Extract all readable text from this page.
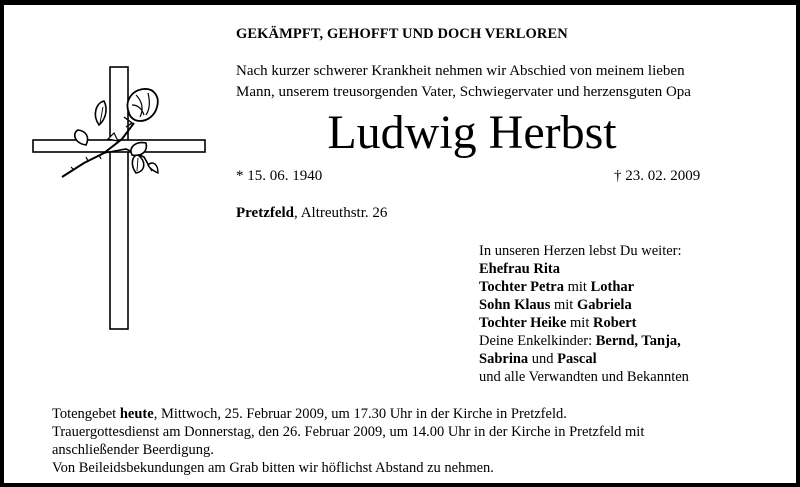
GEKÄMPFT, GEHOFFT UND DOCH VERLOREN
Nach kurzer schwerer Krankheit nehmen wir Abschied von meinem lieben
Mann, unserem treusorgenden Vater, Schwiegervater und herzensguten Opa
Ludwig Herbst
* 15. 06. 1940	† 23. 02. 2009
Pretzfeld, Altreuthstr. 26
In unseren Herzen lebst Du weiter:
Ehefrau Rita
Tochter Petra mit Lothar
Sohn Klaus mit Gabriela
Tochter Heike mit Robert
Deine Enkelkinder: Bernd, Tanja,
Sabrina und Pascal
und alle Verwandten und Bekannten
Totengebet heute, Mittwoch, 25. Februar 2009, um 17.30 Uhr in der Kirche in Pretzfeld.
Trauergottesdienst am Donnerstag, den 26. Februar 2009, um 14.00 Uhr in der Kirche in Pretzfeld mit
anschließender Beerdigung.
Von Beileidsbekundungen am Grab bitten wir höflichst Abstand zu nehmen.
